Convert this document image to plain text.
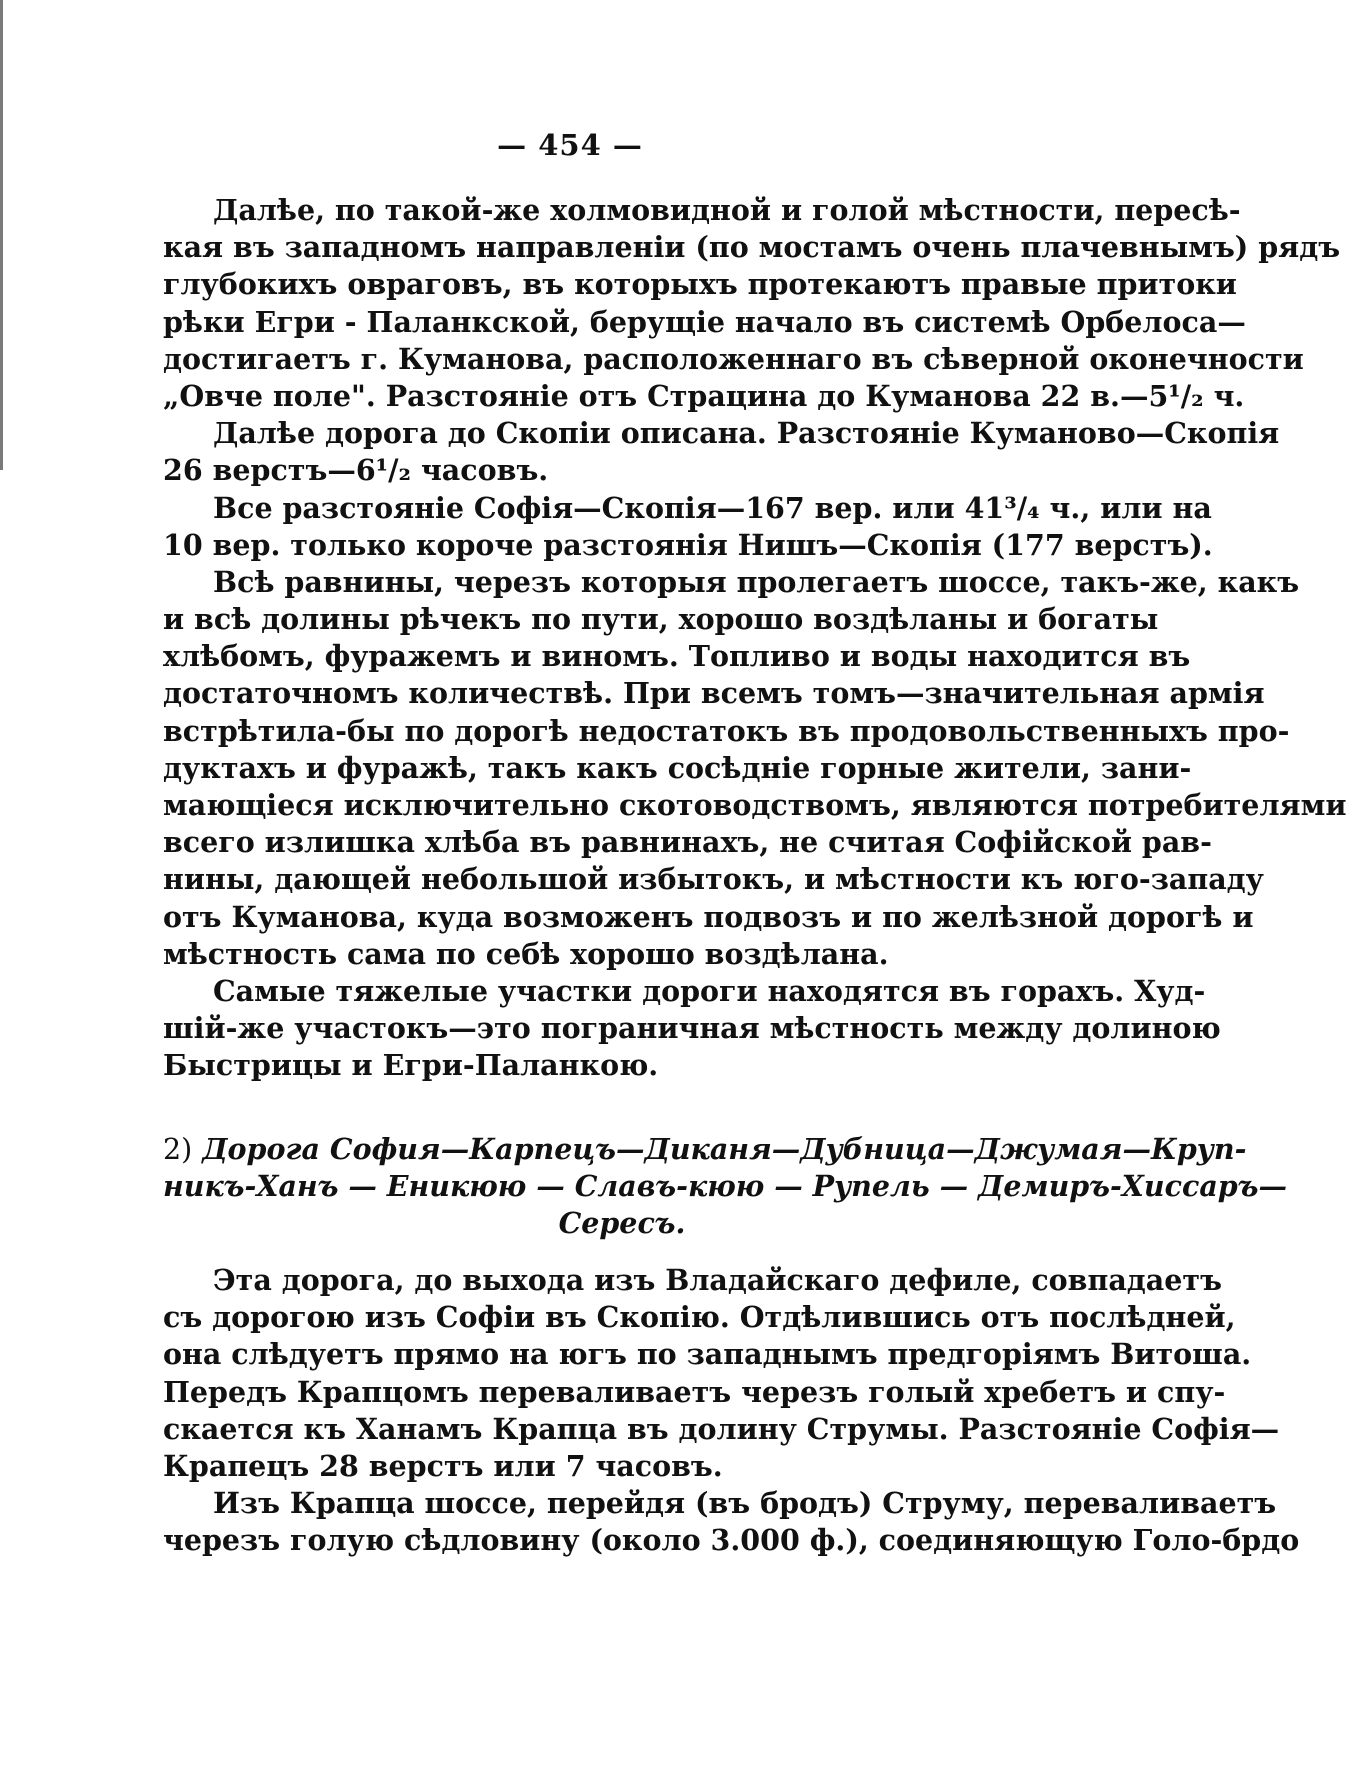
— 454 —
Далѣе, по такой-же холмовидной и голой мѣстности, пересѣ-
кая въ западномъ направленіи (по мостамъ очень плачевнымъ) рядъ
глубокихъ овраговъ, въ которыхъ протекаютъ правые притоки
рѣки Егри - Паланкской, берущіе начало въ системѣ Орбелоса—
достигаетъ г. Куманова, расположеннаго въ сѣверной оконечности
„Овче поле". Разстояніе отъ Страцина до Куманова 22 в.—5¹/₂ ч.
Далѣе дорога до Скопіи описана. Разстояніе Куманово—Скопія
26 верстъ—6¹/₂ часовъ.
Все разстояніе Софія—Скопія—167 вер. или 41³/₄ ч., или на
10 вер. только короче разстоянія Нишъ—Скопія (177 верстъ).
Всѣ равнины, черезъ которыя пролегаетъ шоссе, такъ-же, какъ
и всѣ долины рѣчекъ по пути, хорошо воздѣланы и богаты
хлѣбомъ, фуражемъ и виномъ. Топливо и воды находится въ
достаточномъ количествѣ. При всемъ томъ—значительная армія
встрѣтила-бы по дорогѣ недостатокъ въ продовольственныхъ про-
дуктахъ и фуражѣ, такъ какъ сосѣдніе горные жители, зани-
мающіеся исключительно скотоводствомъ, являются потребителями
всего излишка хлѣба въ равнинахъ, не считая Софійской рав-
нины, дающей небольшой избытокъ, и мѣстности къ юго-западу
отъ Куманова, куда возможенъ подвозъ и по желѣзной дорогѣ и
мѣстность сама по себѣ хорошо воздѣлана.
Самые тяжелые участки дороги находятся въ горахъ. Худ-
шій-же участокъ—это пограничная мѣстность между долиною
Быстрицы и Егри-Паланкою.
2) Дорога София—Карпецъ—Диканя—Дубница—Джумая—Круп-
никъ-Ханъ — Еникюю — Славъ-кюю — Рупель — Демиръ-Хиссаръ—
Сересъ.
Эта дорога, до выхода изъ Владайскаго дефиле, совпадаетъ
съ дорогою изъ Софіи въ Скопію. Отдѣлившись отъ послѣдней,
она слѣдуетъ прямо на югъ по западнымъ предгоріямъ Витоша.
Передъ Крапцомъ переваливаетъ черезъ голый хребетъ и спу-
скается къ Ханамъ Крапца въ долину Струмы. Разстояніе Софія—
Крапецъ 28 верстъ или 7 часовъ.
Изъ Крапца шоссе, перейдя (въ бродъ) Струму, переваливаетъ
черезъ голую сѣдловину (около 3.000 ф.), соединяющую Голо-брдо
